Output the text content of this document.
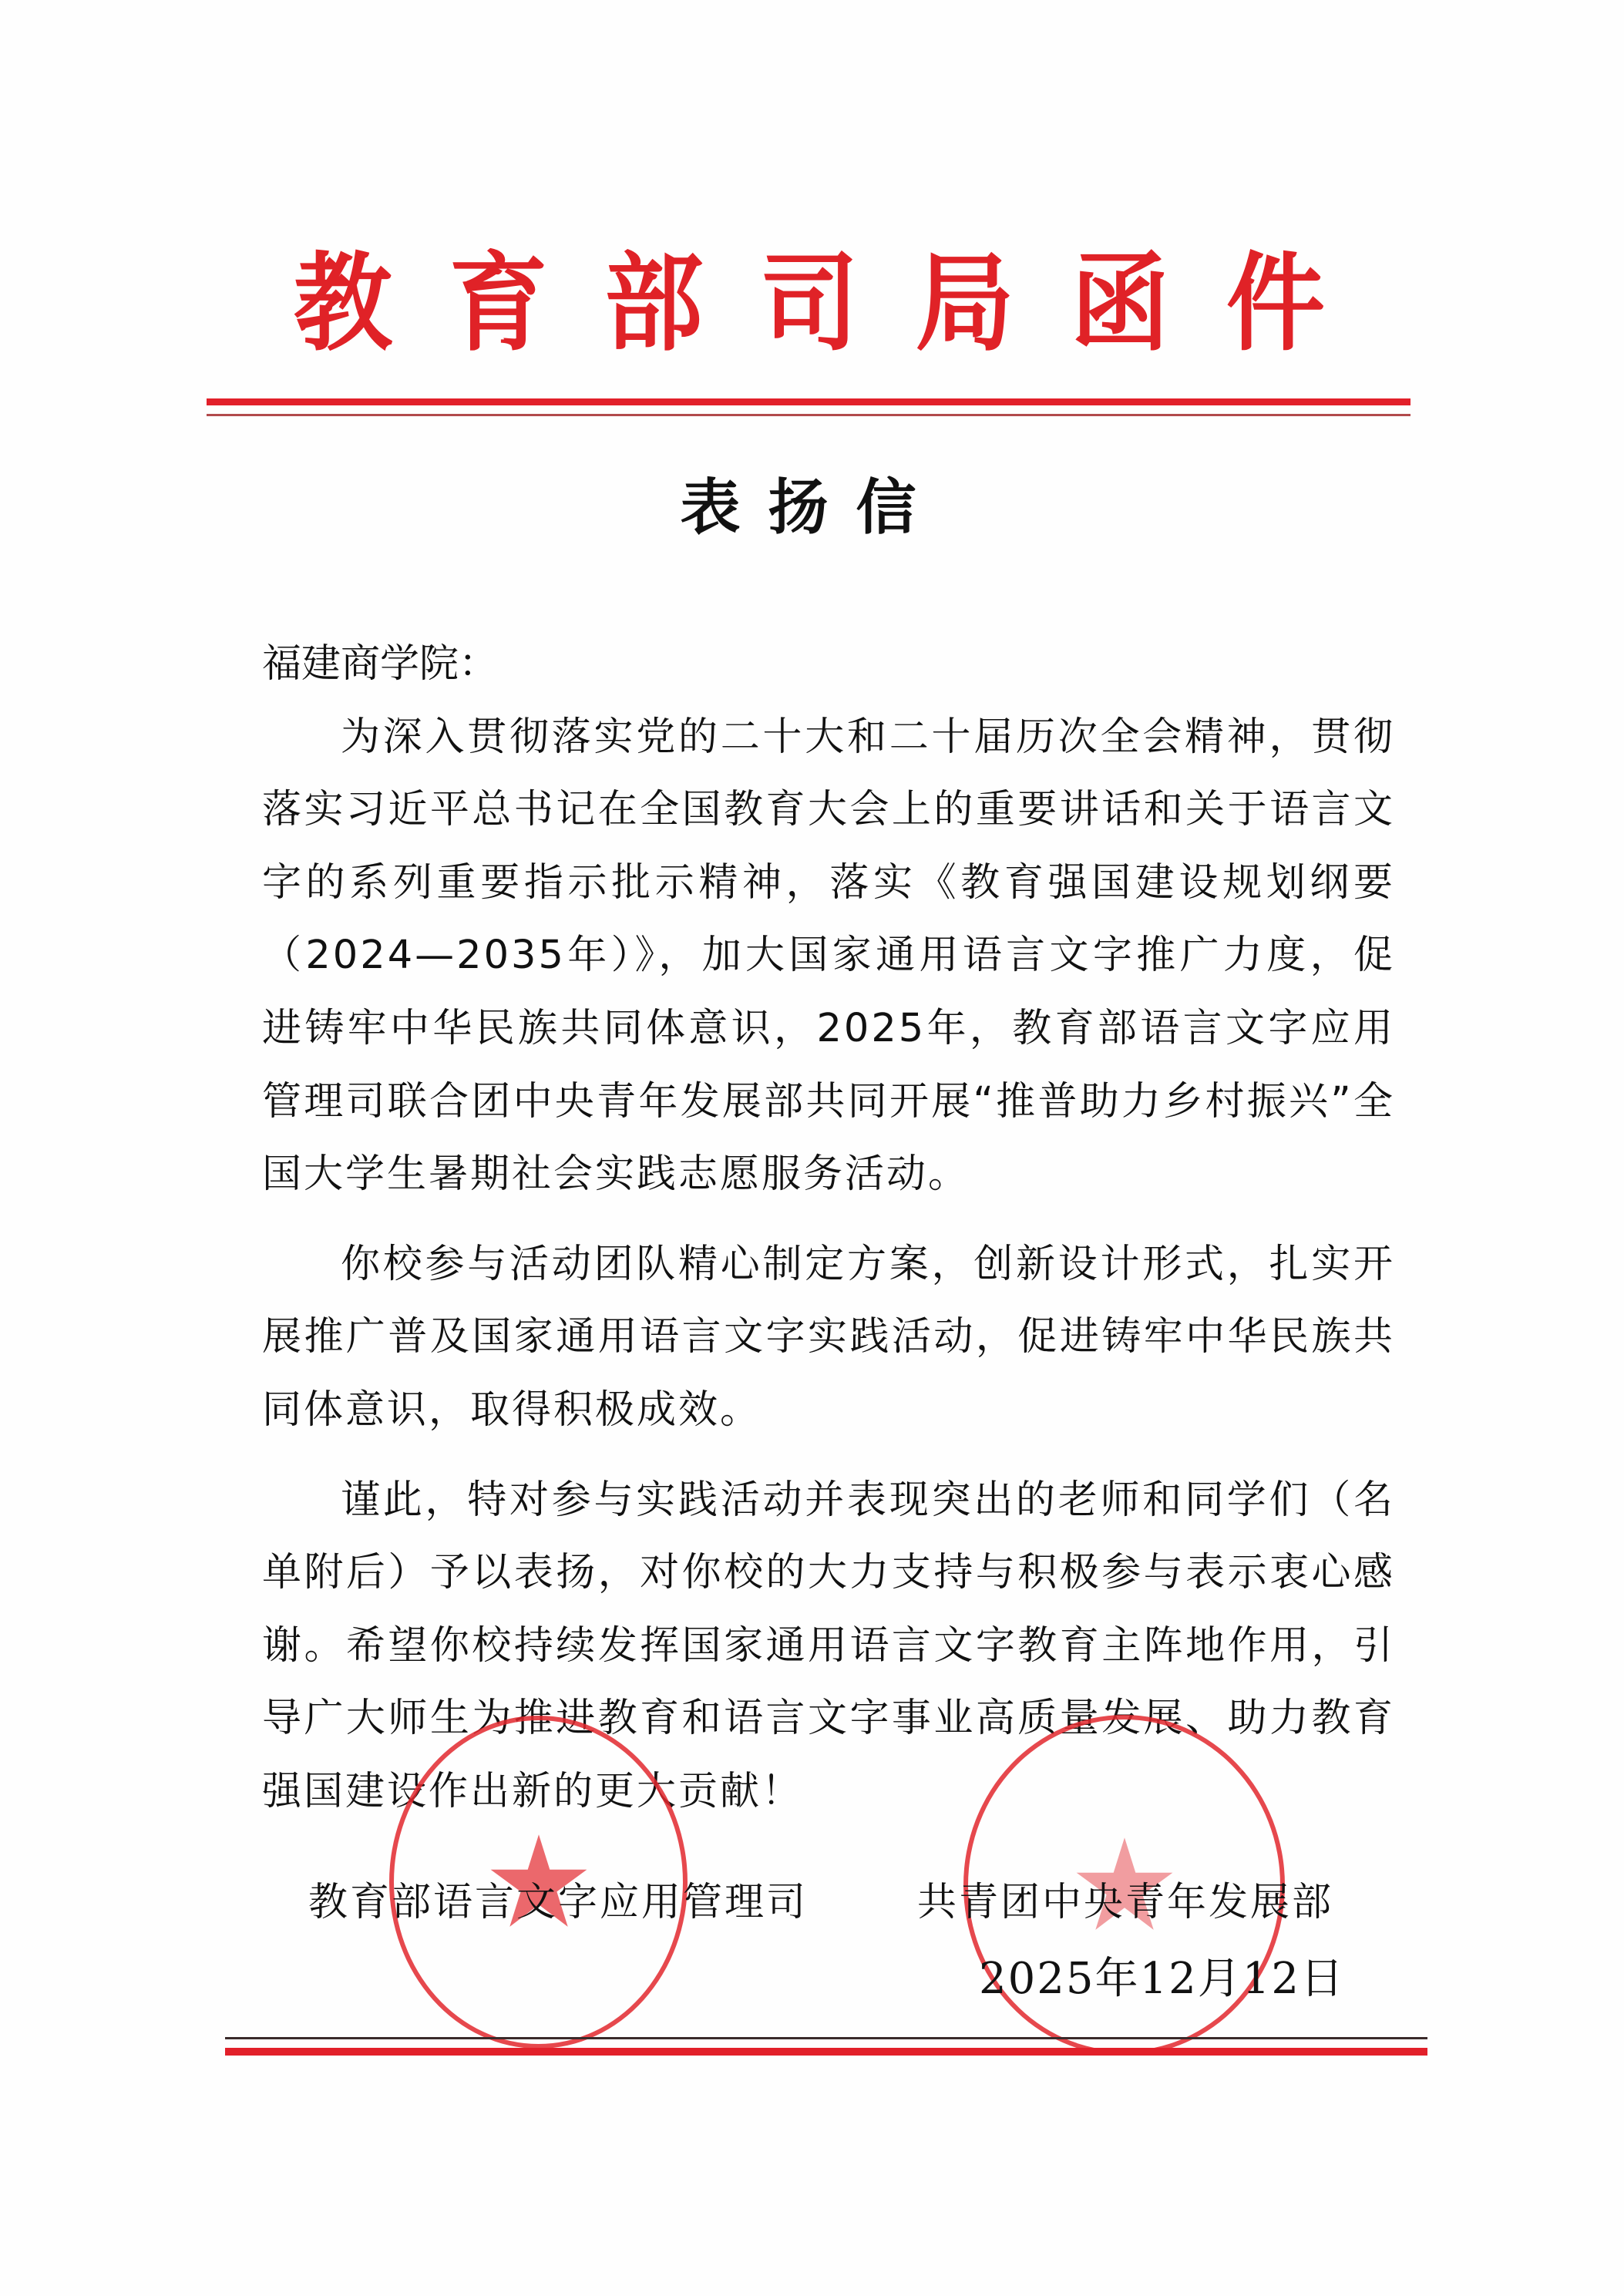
教 育 部 司 局 函 件
表扬信

福建商学院：

为深入贯彻落实党的二十大和二十届历次全会精神，贯彻落实习近平总书记在全国教育大会上的重要讲话和关于语言文字的系列重要指示批示精神，落实《教育强国建设规划纲要（2024—2035年）》，加大国家通用语言文字推广力度，促进铸牢中华民族共同体意识，2025年，教育部语言文字应用管理司联合团中央青年发展部共同开展“推普助力乡村振兴”全国大学生暑期社会实践志愿服务活动。

你校参与活动团队精心制定方案，创新设计形式，扎实开展推广普及国家通用语言文字实践活动，促进铸牢中华民族共同体意识，取得积极成效。

谨此，特对参与实践活动并表现突出的老师和同学们（名单附后）予以表扬，对你校的大力支持与积极参与表示衷心感谢。希望你校持续发挥国家通用语言文字教育主阵地作用，引导广大师生为推进教育和语言文字事业高质量发展、助力教育强国建设作出新的更大贡献！

教育部语言文字应用管理司	共青团中央青年发展部
2025年12月12日
